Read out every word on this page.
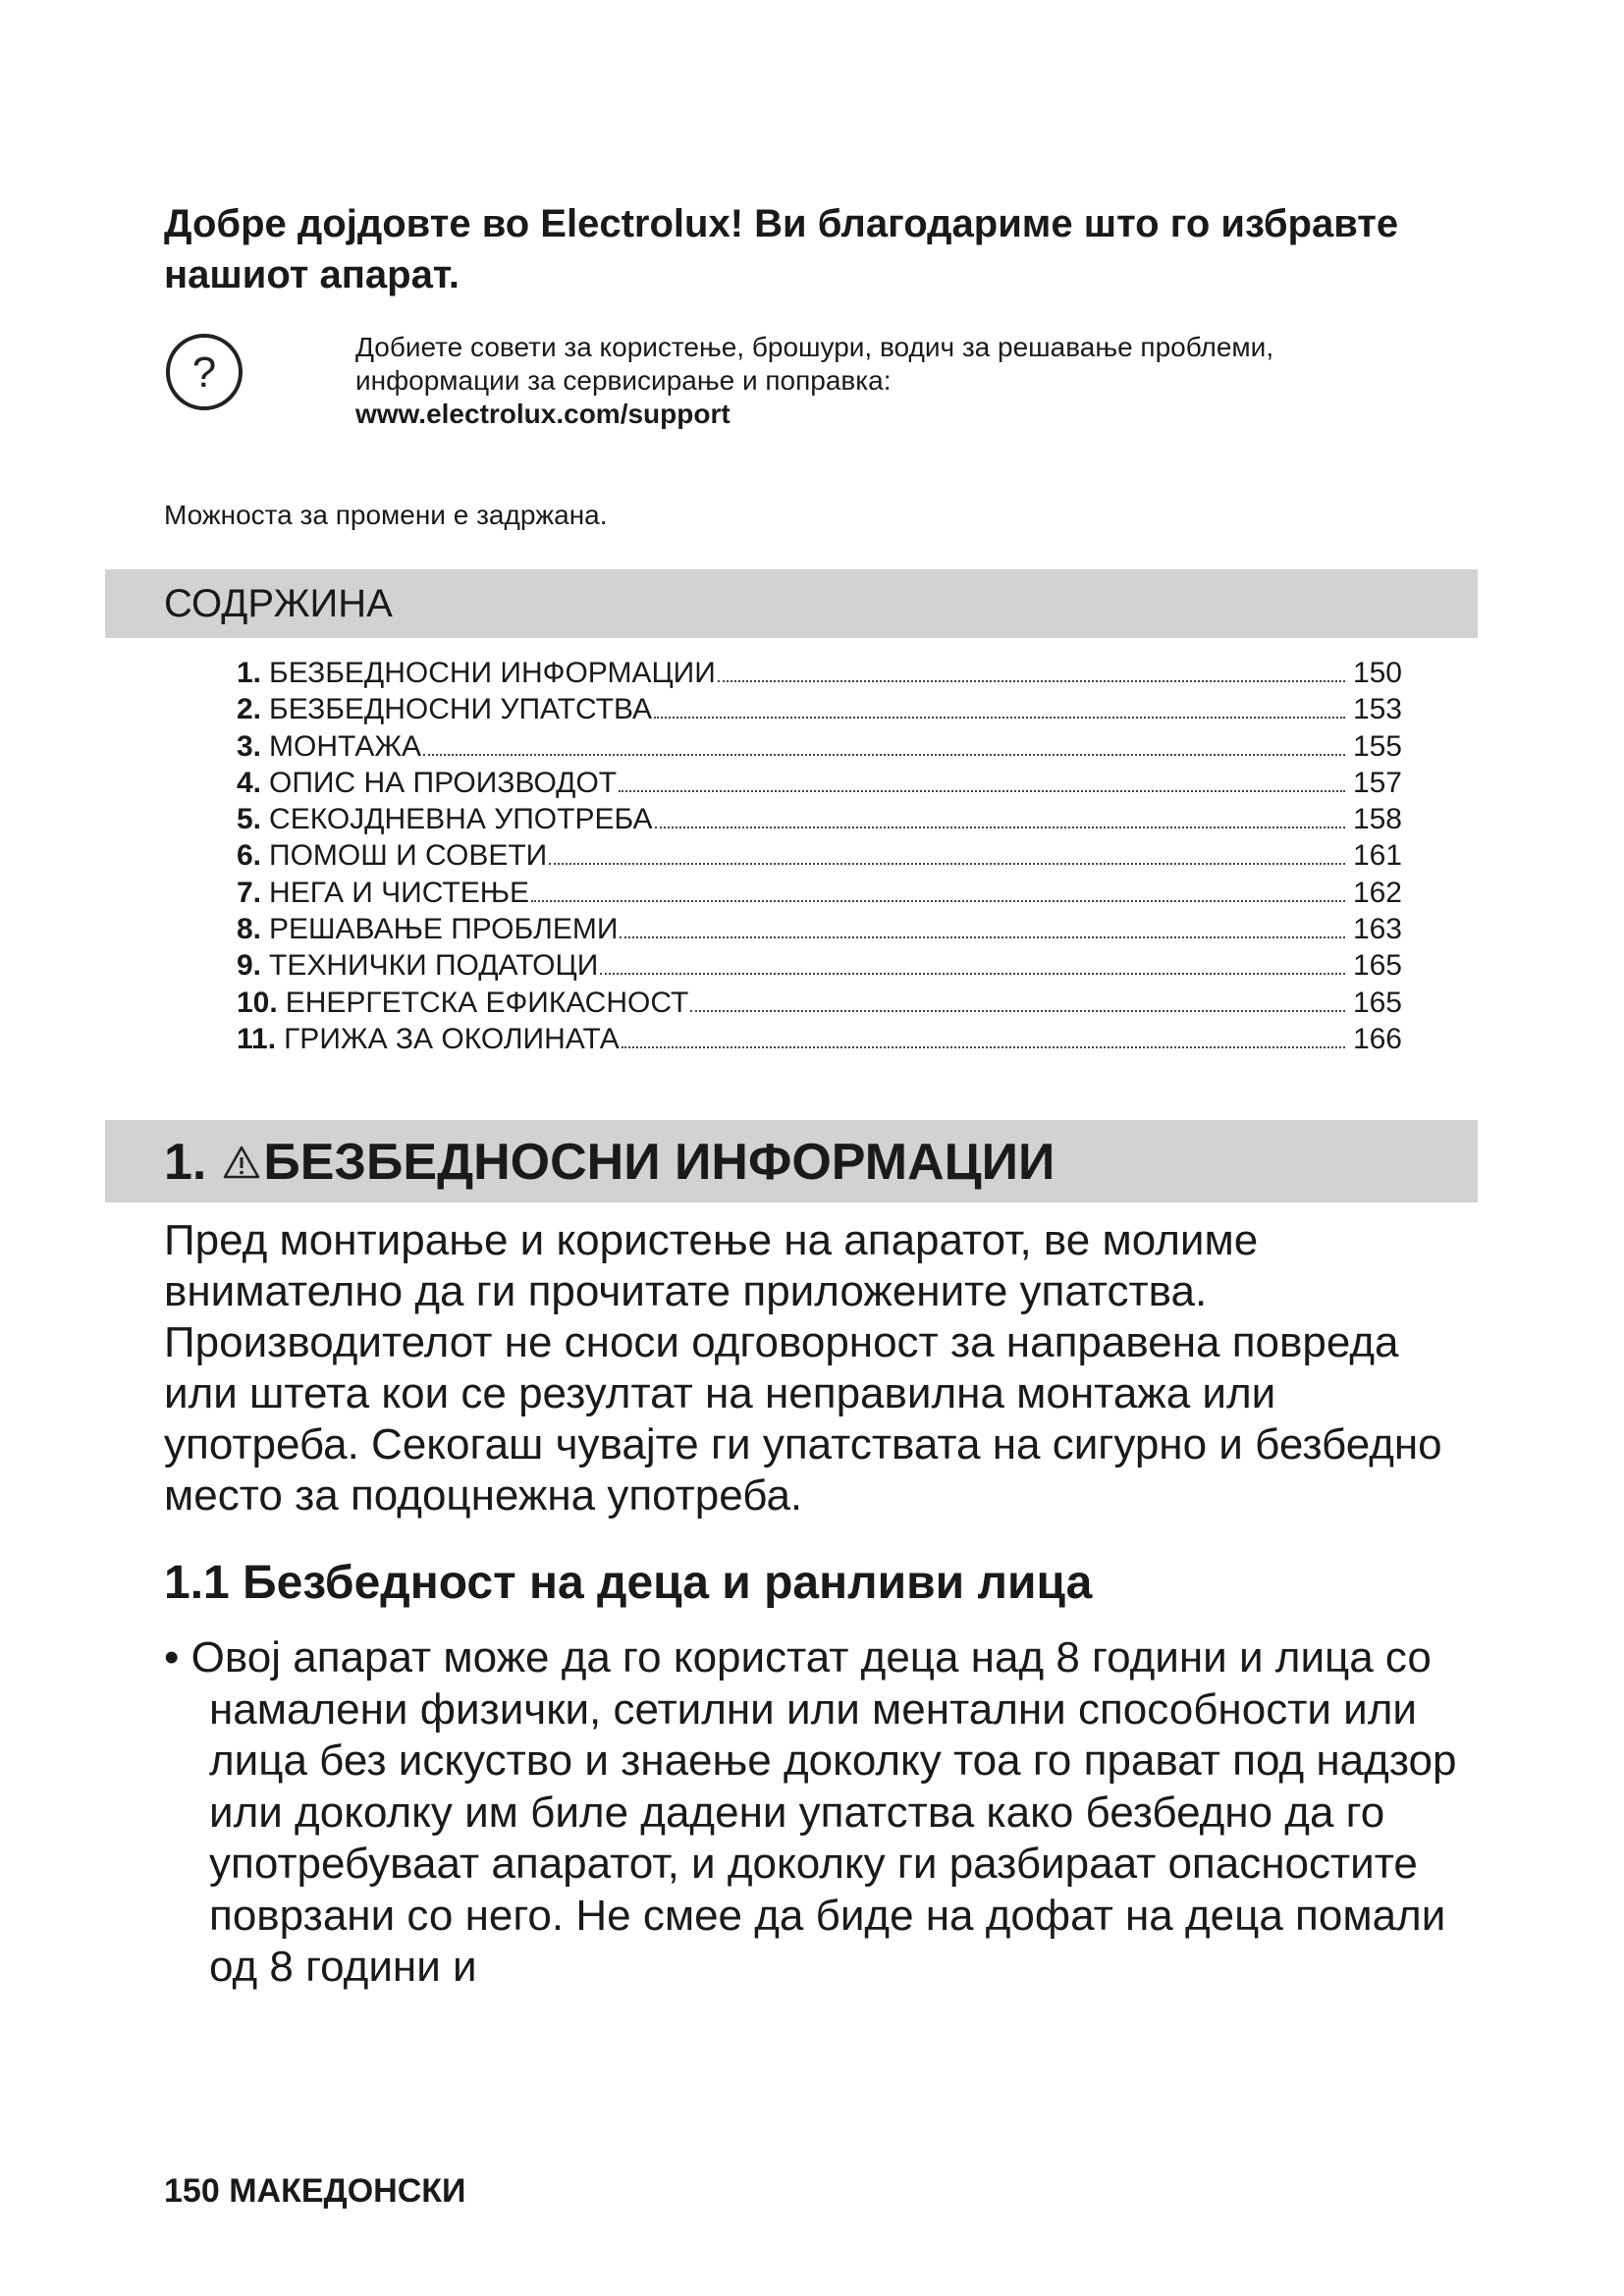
Добре дојдовте во Electrolux! Ви благодариме што го избравте нашиот апарат.
?
Добиете совети за користење, брошури, водич за решавање проблеми,
информации за сервисирање и поправка:
www.electrolux.com/support
Можноста за промени е задржана.
СОДРЖИНА
1. БЕЗБЕДНОСНИ ИНФОРМАЦИИ	150
2. БЕЗБЕДНОСНИ УПАТСТВА	153
3. МОНТАЖА	155
4. ОПИС НА ПРОИЗВОДОТ	157
5. СЕКОЈДНЕВНА УПОТРЕБА	158
6. ПОМОШ И СОВЕТИ	161
7. НЕГА И ЧИСТЕЊЕ	162
8. РЕШАВАЊЕ ПРОБЛЕМИ	163
9. ТЕХНИЧКИ ПОДАТОЦИ	165
10. ЕНЕРГЕТСКА ЕФИКАСНОСТ	165
11. ГРИЖА ЗА ОКОЛИНАТА	166
1. БЕЗБЕДНОСНИ ИНФОРМАЦИИ
Пред монтирање и користење на апаратот, ве молиме внимателно да ги прочитате приложените упатства. Производителот не сноси одговорност за направена повреда или штета кои се резултат на неправилна монтажа или употреба. Секогаш чувајте ги упатствата на сигурно и безбедно место за подоцнежна употреба.
1.1 Безбедност на деца и ранливи лица
• Овој апарат може да го користат деца над 8 години и лица со намалени физички, сетилни или ментални способности или лица без искуство и знаење доколку тоа го прават под надзор или доколку им биле дадени упатства како безбедно да го употребуваат апаратот, и доколку ги разбираат опасностите поврзани со него. Не смее да биде на дофат на деца помали од 8 години и
150 МАКЕДОНСКИ
